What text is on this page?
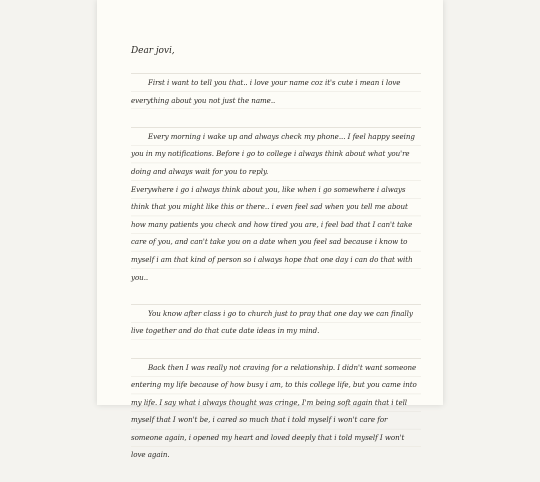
Dear jovi,

First i want to tell you that.. i love your name coz it's cute i mean i love everything about you not just the name..

Every morning i wake up and always check my phone... I feel happy seeing you in my notifications. Before i go to college i always think about what you're doing and always wait for you to reply.

Everywhere i go i always think about you, like when i go somewhere i always think that you might like this or there.. i even feel sad when you tell me about how many patients you check and how tired you are, i feel bad that I can't take care of you, and can't take you on a date when you feel sad because i know to myself i am that kind of person so i always hope that one day i can do that with you..

You know after class i go to church just to pray that one day we can finally live together and do that cute date ideas in my mind.

Back then I was really not craving for a relationship. I didn't want someone entering my life because of how busy i am, to this college life, but you came into my life. I say what i always thought was cringe, I'm being soft again that i tell myself that I won't be, i cared so much that i told myself i won't care for someone again, i opened my heart and loved deeply that i told myself I won't love again.
